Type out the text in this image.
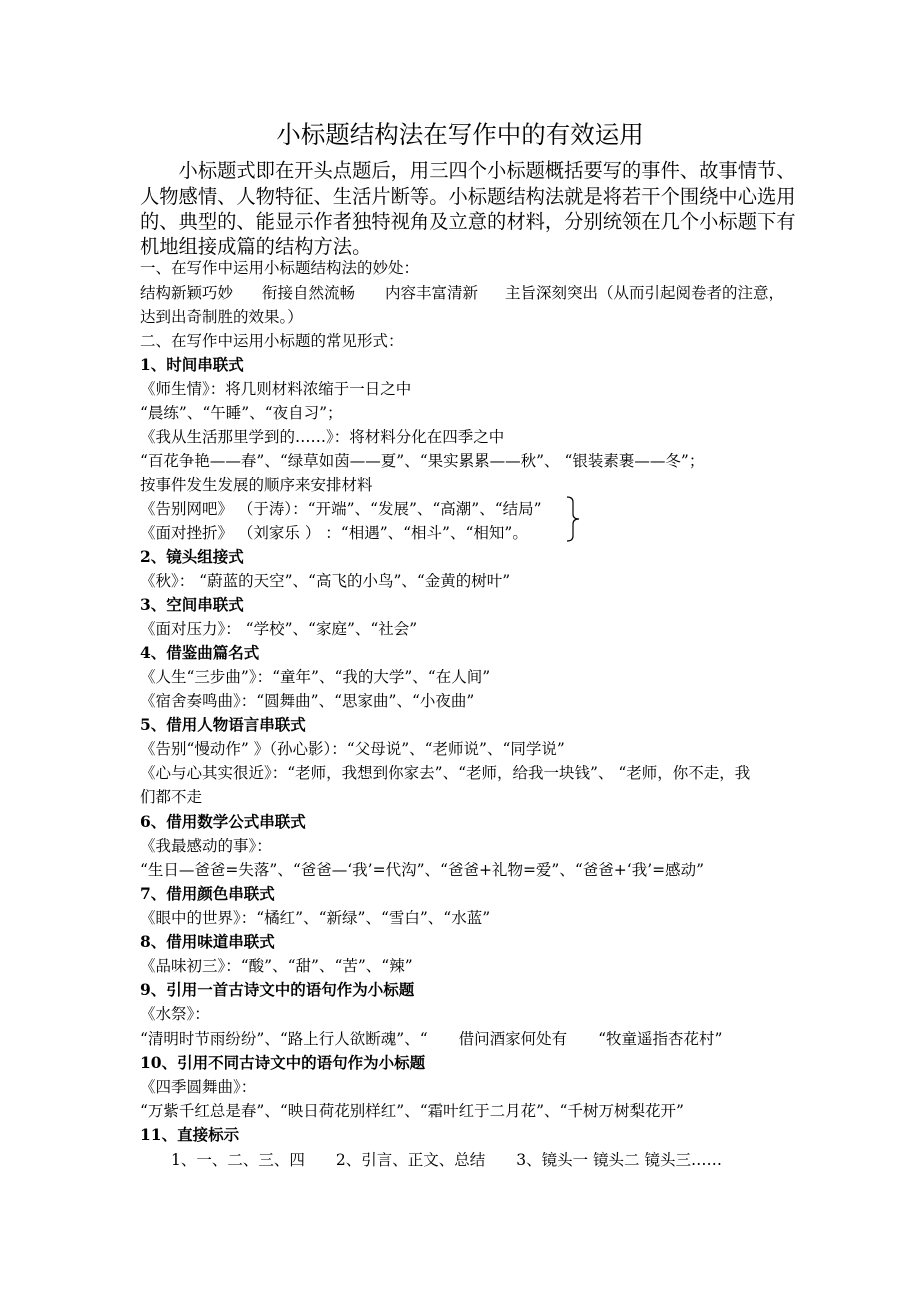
小标题结构法在写作中的有效运用
　　小标题式即在开头点题后，用三四个小标题概括要写的事件、故事情节、
人物感情、人物特征、生活片断等。小标题结构法就是将若干个围绕中心选用
的、典型的、能显示作者独特视角及立意的材料，分别统领在几个小标题下有
机地组接成篇的结构方法。
一、在写作中运用小标题结构法的妙处：
结构新颖巧妙 衔接自然流畅 内容丰富清新 主旨深刻突出（从而引起阅卷者的注意，
达到出奇制胜的效果。）
二、在写作中运用小标题的常见形式：
1、时间串联式
《师生情》：将几则材料浓缩于一日之中
“晨练”、“午睡”、“夜自习”；
《我从生活那里学到的……》：将材料分化在四季之中
“百花争艳——春”、“绿草如茵——夏”、“果实累累——秋”、 “银装素裹——冬”；
按事件发生发展的顺序来安排材料
《告别网吧》 （于涛）：“开端”、“发展”、“高潮”、“结局”
《面对挫折》 （刘家乐 ） ：“相遇”、“相斗”、“相知”。
2、镜头组接式
《秋》： “蔚蓝的天空”、“高飞的小鸟”、“金黄的树叶”
3、空间串联式
《面对压力》： “学校”、“家庭”、“社会”
4、借鉴曲篇名式
《人生“三步曲”》：“童年”、“我的大学”、“在人间”
《宿舍奏鸣曲》：“圆舞曲”、“思家曲”、“小夜曲”
5、借用人物语言串联式
《告别“慢动作” 》（孙心影）：“父母说”、“老师说”、“同学说”
《心与心其实很近》：“老师，我想到你家去”、“老师，给我一块钱”、 “老师，你不走，我
们都不走
6、借用数学公式串联式
《我最感动的事》：
“生日—爸爸=失落”、“爸爸—‘我’=代沟”、“爸爸+礼物=爱”、“爸爸+‘我’=感动”
7、借用颜色串联式
《眼中的世界》：“橘红”、“新绿”、“雪白”、“水蓝”
8、借用味道串联式
《品味初三》：“酸”、“甜”、“苦”、“辣”
9、引用一首古诗文中的语句作为小标题
《水祭》：
“清明时节雨纷纷”、“路上行人欲断魂”、“　　借问酒家何处有　　“牧童遥指杏花村”
10、引用不同古诗文中的语句作为小标题
《四季圆舞曲》：
“万紫千红总是春”、“映日荷花别样红”、“霜叶红于二月花”、“千树万树梨花开”
11、直接标示
　　1、一、二、三、四　　2、引言、正文、总结　　3、镜头一 镜头二 镜头三……
